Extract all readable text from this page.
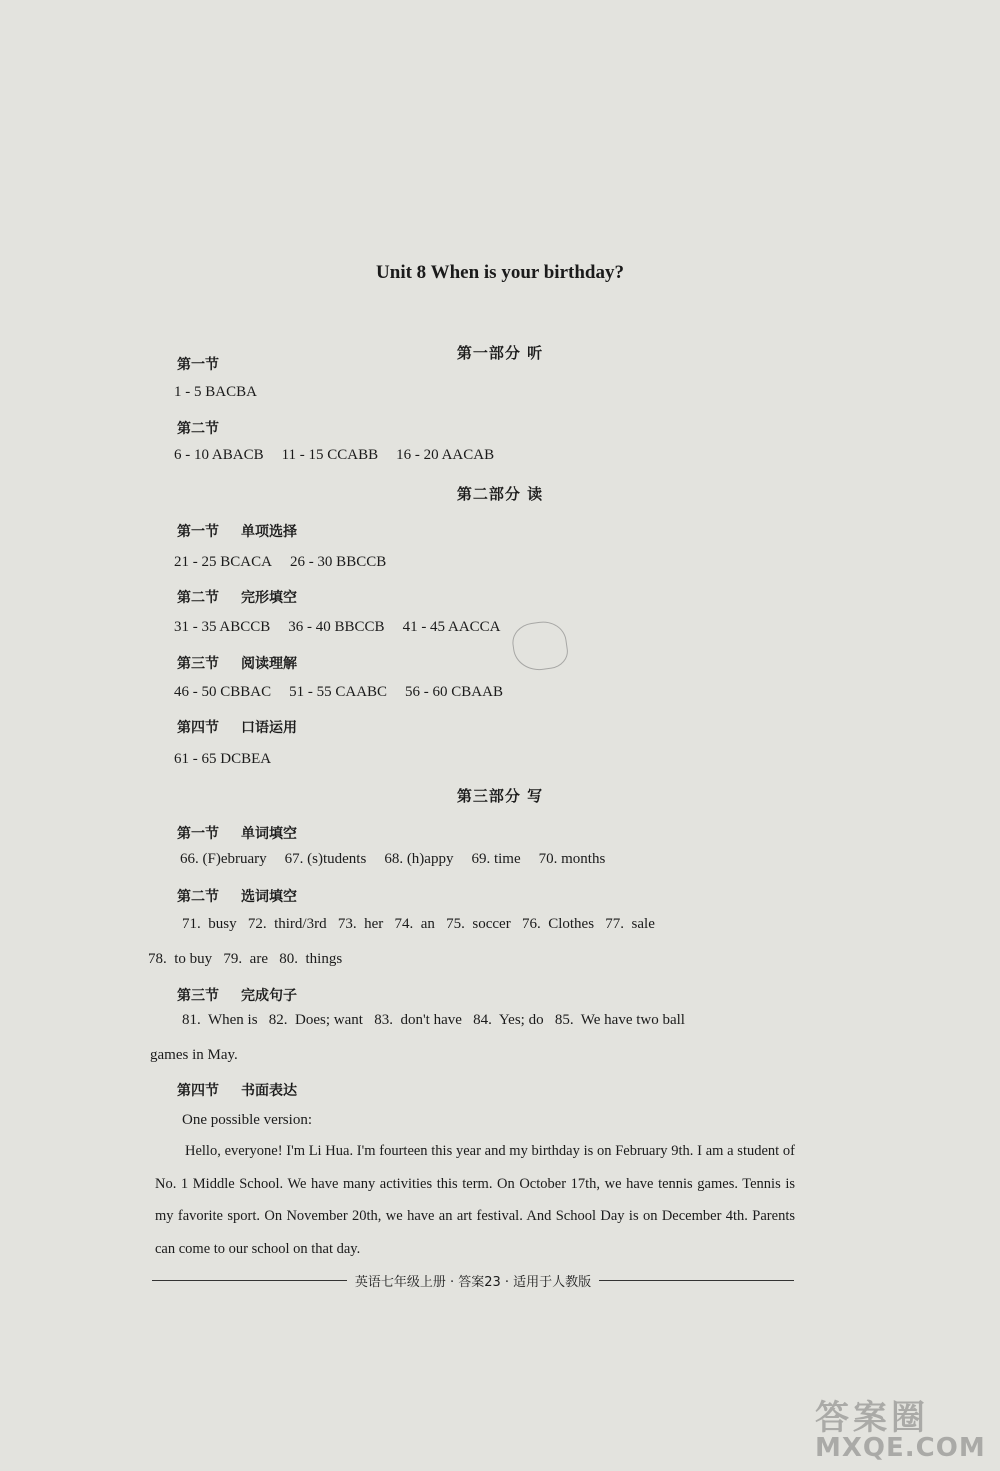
Unit 8 When is your birthday?
第一部分 听
第一节
1 - 5 BACBA
第二节
6 - 10 ABACB 11 - 15 CCABB 16 - 20 AACAB
第二部分 读
第一节 单项选择
21 - 25 BCACA 26 - 30 BBCCB
第二节 完形填空
31 - 35 ABCCB 36 - 40 BBCCB 41 - 45 AACCA

第三节 阅读理解
46 - 50 CBBAC 51 - 55 CAABC 56 - 60 CBAAB
第四节 口语运用
61 - 65 DCBEA
第三部分 写
第一节 单词填空
66. (F)ebruary 67. (s)tudents 68. (h)appy 69. time 70. months
第二节 选词填空
71.  busy   72.  third/3rd   73.  her   74.  an   75.  soccer   76.  Clothes   77.  sale
78.  to buy   79.  are   80.  things
第三节 完成句子
81.  When is   82.  Does; want   83.  don't have   84.  Yes; do   85.  We have two ball
games in May.
第四节 书面表达
One possible version:
Hello, everyone! I'm Li Hua. I'm fourteen this year and my birthday is on February 9th. I am a student of No. 1 Middle School. We have many activities this term. On October 17th, we have tennis games. Tennis is my favorite sport. On November 20th, we have an art festival. And School Day is on December 4th. Parents can come to our school on that day.
英语七年级上册 · 答案23 · 适用于人教版
答案圈
MXQE.COM
